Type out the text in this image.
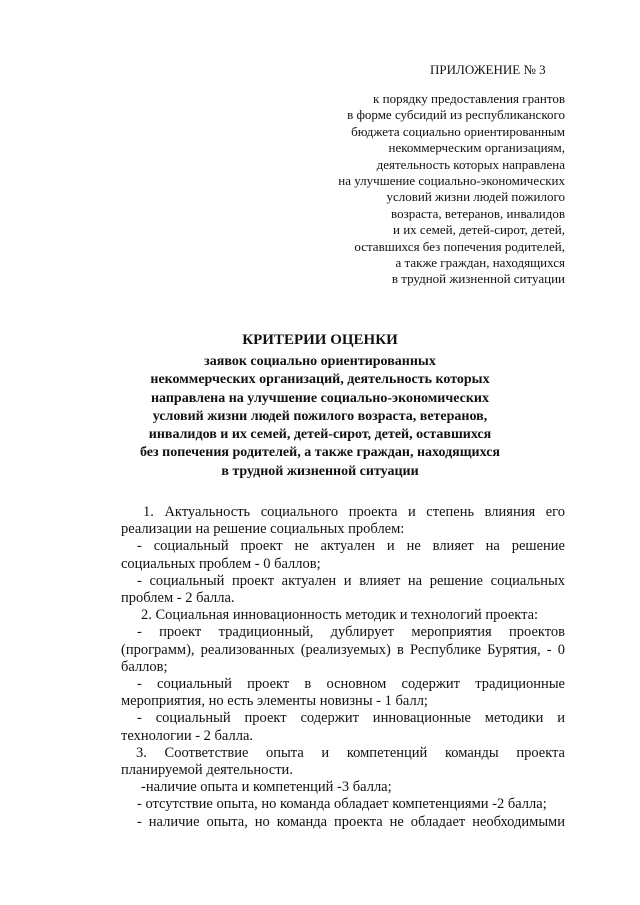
ПРИЛОЖЕНИЕ № 3
к порядку предоставления грантов
в форме субсидий из республиканского
бюджета социально ориентированным
некоммерческим организациям,
деятельность которых направлена
на улучшение социально-экономических
условий жизни людей пожилого
возраста, ветеранов, инвалидов
и их семей, детей-сирот, детей,
оставшихся без попечения родителей,
а также граждан, находящихся
в трудной жизненной ситуации
КРИТЕРИИ ОЦЕНКИ
заявок социально ориентированных
некоммерческих организаций, деятельность которых
направлена на улучшение социально-экономических
условий жизни людей пожилого возраста, ветеранов,
инвалидов и их семей, детей-сирот, детей, оставшихся
без попечения родителей, а также граждан, находящихся
в трудной жизненной ситуации
1. Актуальность социального проекта и степень влияния его
реализации на решение социальных проблем:
- социальный проект не актуален и не влияет на решение
социальных проблем - 0 баллов;
- социальный проект актуален и влияет на решение социальных
проблем - 2 балла.
2. Социальная инновационность методик и технологий проекта:
- проект традиционный, дублирует мероприятия проектов
(программ), реализованных (реализуемых) в Республике Бурятия, - 0
баллов;
- социальный проект в основном содержит традиционные
мероприятия, но есть элементы новизны - 1 балл;
- социальный проект содержит инновационные методики и
технологии - 2 балла.
3. Соответствие опыта и компетенций команды проекта
планируемой деятельности.
-наличие опыта и компетенций -3 балла;
- отсутствие опыта, но команда обладает компетенциями -2 балла;
- наличие опыта, но команда проекта не обладает необходимыми
